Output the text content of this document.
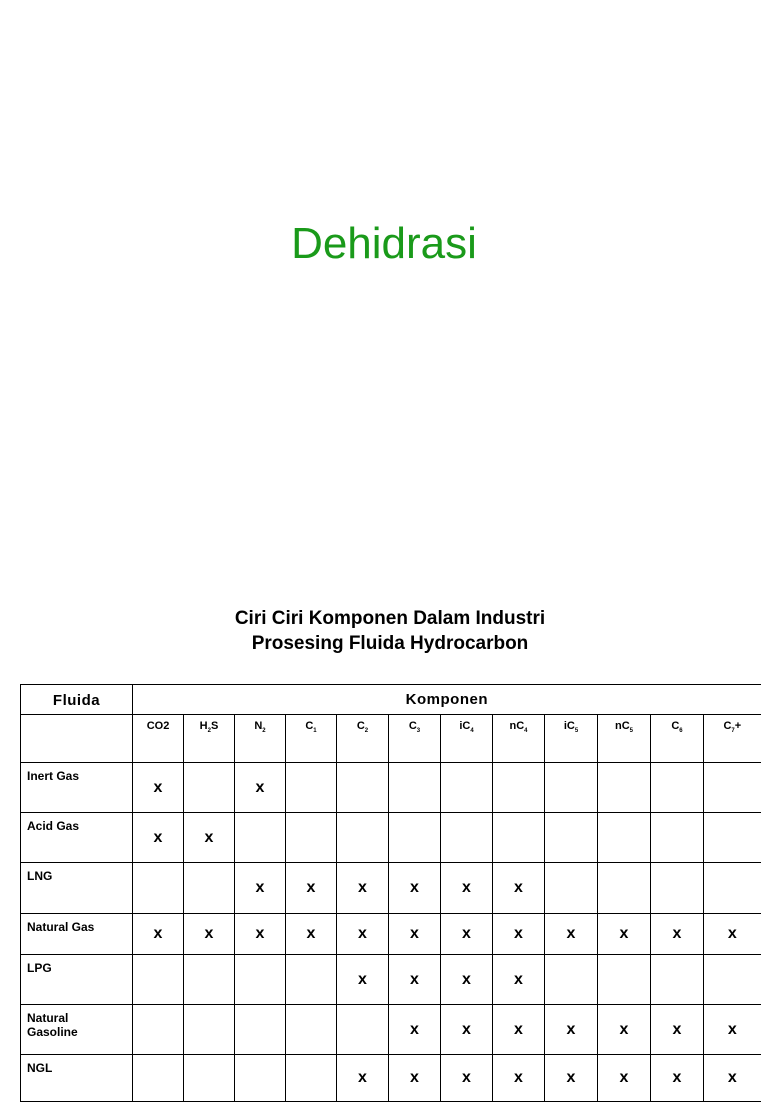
Dehidrasi
Ciri Ciri Komponen Dalam Industri
Prosesing Fluida Hydrocarbon
Fluida	Komponen											
	CO2	$H_2S$	$N_2$	$C_1$	$C_2$	$C_3$	$iC_4$	$nC_4$	$iC_5$	$nC_5$	$C_6$	$C_7+$
Inert Gas	x		x									
Acid Gas	x	x										
LNG			x	x	x	x	x	x				
Natural Gas	x	x	x	x	x	x	x	x	x	x	x	x
LPG					x	x	x	x				
Natural
Gasoline						x	x	x	x	x	x	x
NGL					x	x	x	x	x	x	x	x
